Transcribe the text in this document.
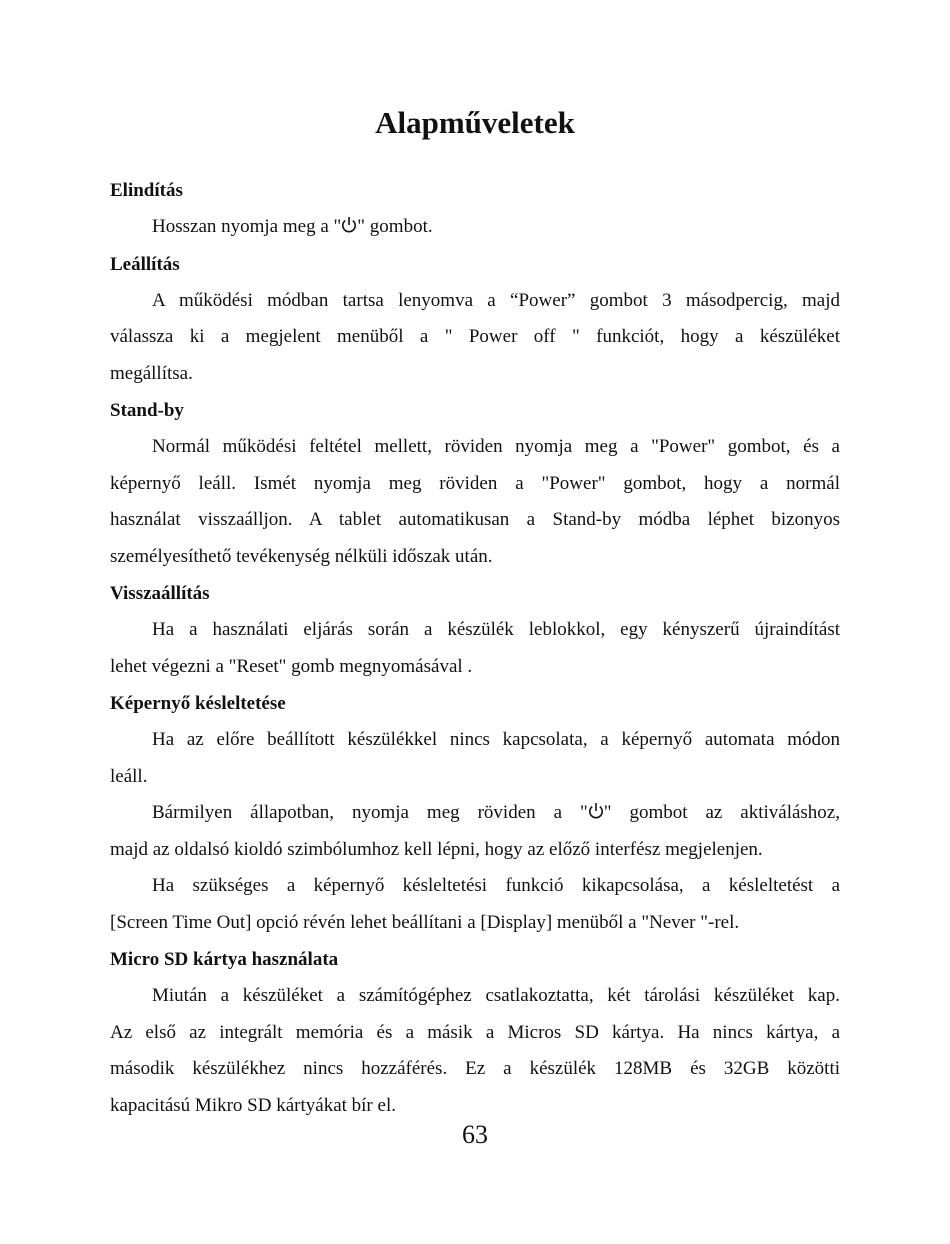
Alapműveletek
Elindítás
Hosszan nyomja meg a " " gombot.
Leállítás
A működési módban tartsa lenyomva a “Power” gombot 3 másodpercig, majd
válassza ki a megjelent menüből a " Power off " funkciót, hogy a készüléket
megállítsa.
Stand-by
Normál működési feltétel mellett, röviden nyomja meg a "Power" gombot, és a
képernyő leáll. Ismét nyomja meg röviden a "Power" gombot, hogy a normál
használat visszaálljon. A tablet automatikusan a Stand-by módba léphet bizonyos
személyesíthető tevékenység nélküli időszak után.
Visszaállítás
Ha a használati eljárás során a készülék leblokkol, egy kényszerű újraindítást
lehet végezni a "Reset" gomb megnyomásával .
Képernyő késleltetése
Ha az előre beállított készülékkel nincs kapcsolata, a képernyő automata módon
leáll.
Bármilyen állapotban, nyomja meg röviden a " " gombot az aktiváláshoz,
majd az oldalsó kioldó szimbólumhoz kell lépni, hogy az előző interfész megjelenjen.
Ha szükséges a képernyő késleltetési funkció kikapcsolása, a késleltetést a
[Screen Time Out] opció révén lehet beállítani a [Display] menüből a "Never "-rel.
Micro SD kártya használata
Miután a készüléket a számítógéphez csatlakoztatta, két tárolási készüléket kap.
Az első az integrált memória és a másik a Micros SD kártya. Ha nincs kártya, a
második készülékhez nincs hozzáférés. Ez a készülék 128MB és 32GB közötti
kapacitású Mikro SD kártyákat bír el.
63
